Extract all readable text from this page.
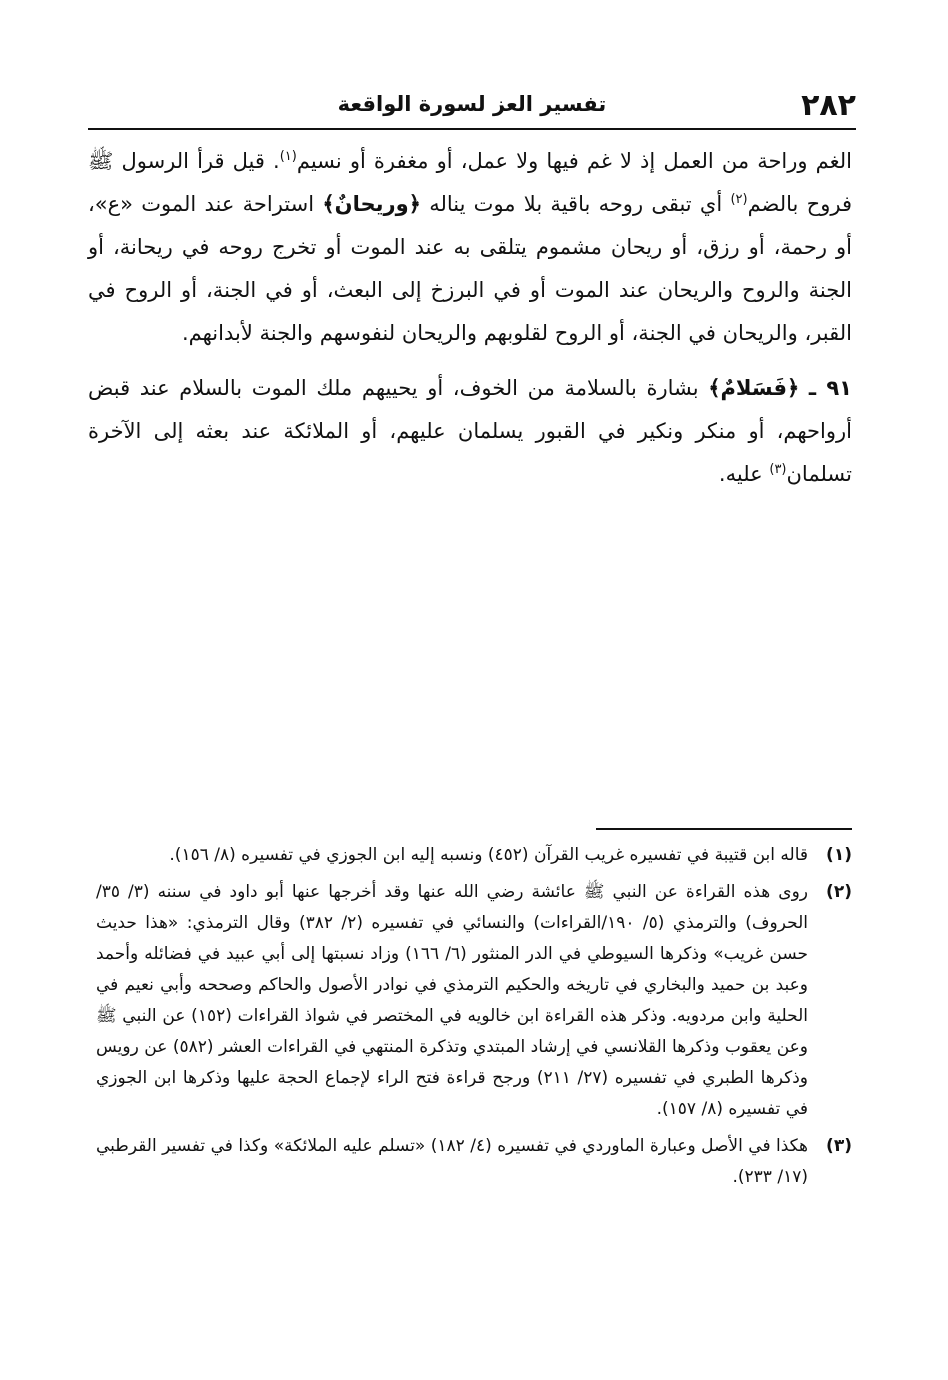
٢٨٢
تفسير العز لسورة الواقعة

الغم وراحة من العمل إذ لا غم فيها ولا عمل، أو مغفرة أو نسيم$^{(١)}$. قيل قرأ الرسول ﷺ فروح بالضم$^{(٢)}$ أي تبقى روحه باقية بلا موت يناله ﴿وريحانٌ﴾ استراحة عند الموت «ع»، أو رحمة، أو رزق، أو ريحان مشموم يتلقى به عند الموت أو تخرج روحه في ريحانة، أو الجنة والروح والريحان عند الموت أو في البرزخ إلى البعث، أو في الجنة، أو الروح في القبر، والريحان في الجنة، أو الروح لقلوبهم والريحان لنفوسهم والجنة لأبدانهم.

٩١ ـ ﴿فَسَلامٌ﴾ بشارة بالسلامة من الخوف، أو يحييهم ملك الموت بالسلام عند قبض أرواحهم، أو منكر ونكير في القبور يسلمان عليهم، أو الملائكة عند بعثه إلى الآخرة تسلمان$^{(٣)}$ عليه.

(١)
قاله ابن قتيبة في تفسيره غريب القرآن (٤٥٢) ونسبه إليه ابن الجوزي في تفسيره (٨/ ١٥٦).
(٢)
روى هذه القراءة عن النبي ﷺ عائشة رضي الله عنها وقد أخرجها عنها أبو داود في سننه (٣/ ٣٥/الحروف) والترمذي (٥/ ١٩٠/القراءات) والنسائي في تفسيره (٢/ ٣٨٢) وقال الترمذي: «هذا حديث حسن غريب» وذكرها السيوطي في الدر المنثور (٦/ ١٦٦) وزاد نسبتها إلى أبي عبيد في فضائله وأحمد وعبد بن حميد والبخاري في تاريخه والحكيم الترمذي في نوادر الأصول والحاكم وصححه وأبي نعيم في الحلية وابن مردويه. وذكر هذه القراءة ابن خالويه في المختصر في شواذ القراءات (١٥٢) عن النبي ﷺ وعن يعقوب وذكرها القلانسي في إرشاد المبتدي وتذكرة المنتهي في القراءات العشر (٥٨٢) عن رويس وذكرها الطبري في تفسيره (٢٧/ ٢١١) ورجح قراءة فتح الراء لإجماع الحجة عليها وذكرها ابن الجوزي في تفسيره (٨/ ١٥٧).
(٣)
هكذا في الأصل وعبارة الماوردي في تفسيره (٤/ ١٨٢) «تسلم عليه الملائكة» وكذا في تفسير القرطبي (١٧/ ٢٣٣).
